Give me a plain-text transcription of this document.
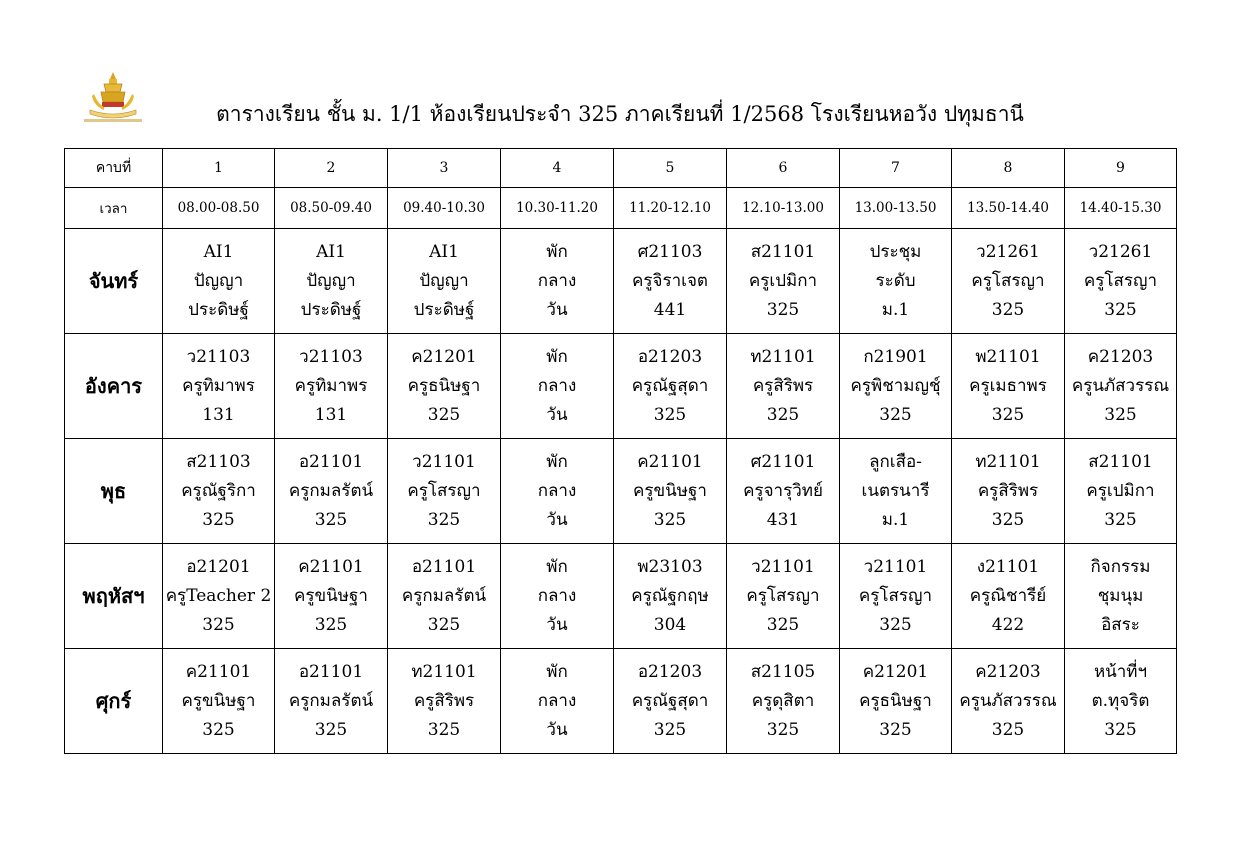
ตารางเรียน ชั้น ม. 1/1 ห้องเรียนประจำ 325 ภาคเรียนที่ 1/2568 โรงเรียนหอวัง ปทุมธานี
คาบที่	1	2	3	4	5	6	7	8	9
เวลา	08.00-08.50	08.50-09.40	09.40-10.30	10.30-11.20	11.20-12.10	12.10-13.00	13.00-13.50	13.50-14.40	14.40-15.30
จันทร์	AI1
ปัญญา
ประดิษฐ์	AI1
ปัญญา
ประดิษฐ์	AI1
ปัญญา
ประดิษฐ์	พัก
กลาง
วัน	ศ21103
ครูจิราเจต
441	ส21101
ครูเปมิกา
325	ประชุม
ระดับ
ม.1	ว21261
ครูโสรญา
325	ว21261
ครูโสรญา
325

อังคาร	ว21103
ครูทิมาพร
131	ว21103
ครูทิมาพร
131	ค21201
ครูธนิษฐา
325	พัก
กลาง
วัน	อ21203
ครูณัฐสุดา
325	ท21101
ครูสิริพร
325	ก21901
ครูพิชามญชุ์
325	พ21101
ครูเมธาพร
325	ค21203
ครูนภัสวรรณ
325

พุธ	ส21103
ครูณัฐริกา
325	อ21101
ครูกมลรัตน์
325	ว21101
ครูโสรญา
325	พัก
กลาง
วัน	ค21101
ครูขนิษฐา
325	ศ21101
ครูจารุวิทย์
431	ลูกเสือ-
เนตรนารี
ม.1	ท21101
ครูสิริพร
325	ส21101
ครูเปมิกา
325

พฤหัสฯ	อ21201
ครูTeacher 2
325	ค21101
ครูขนิษฐา
325	อ21101
ครูกมลรัตน์
325	พัก
กลาง
วัน	พ23103
ครูณัฐกฤษ
304	ว21101
ครูโสรญา
325	ว21101
ครูโสรญา
325	ง21101
ครูณิชารีย์
422	กิจกรรม
ชุมนุม
อิสระ

ศุกร์	ค21101
ครูขนิษฐา
325	อ21101
ครูกมลรัตน์
325	ท21101
ครูสิริพร
325	พัก
กลาง
วัน	อ21203
ครูณัฐสุดา
325	ส21105
ครูดุสิตา
325	ค21201
ครูธนิษฐา
325	ค21203
ครูนภัสวรรณ
325	หน้าที่ฯ
ต.ทุจริต
325
